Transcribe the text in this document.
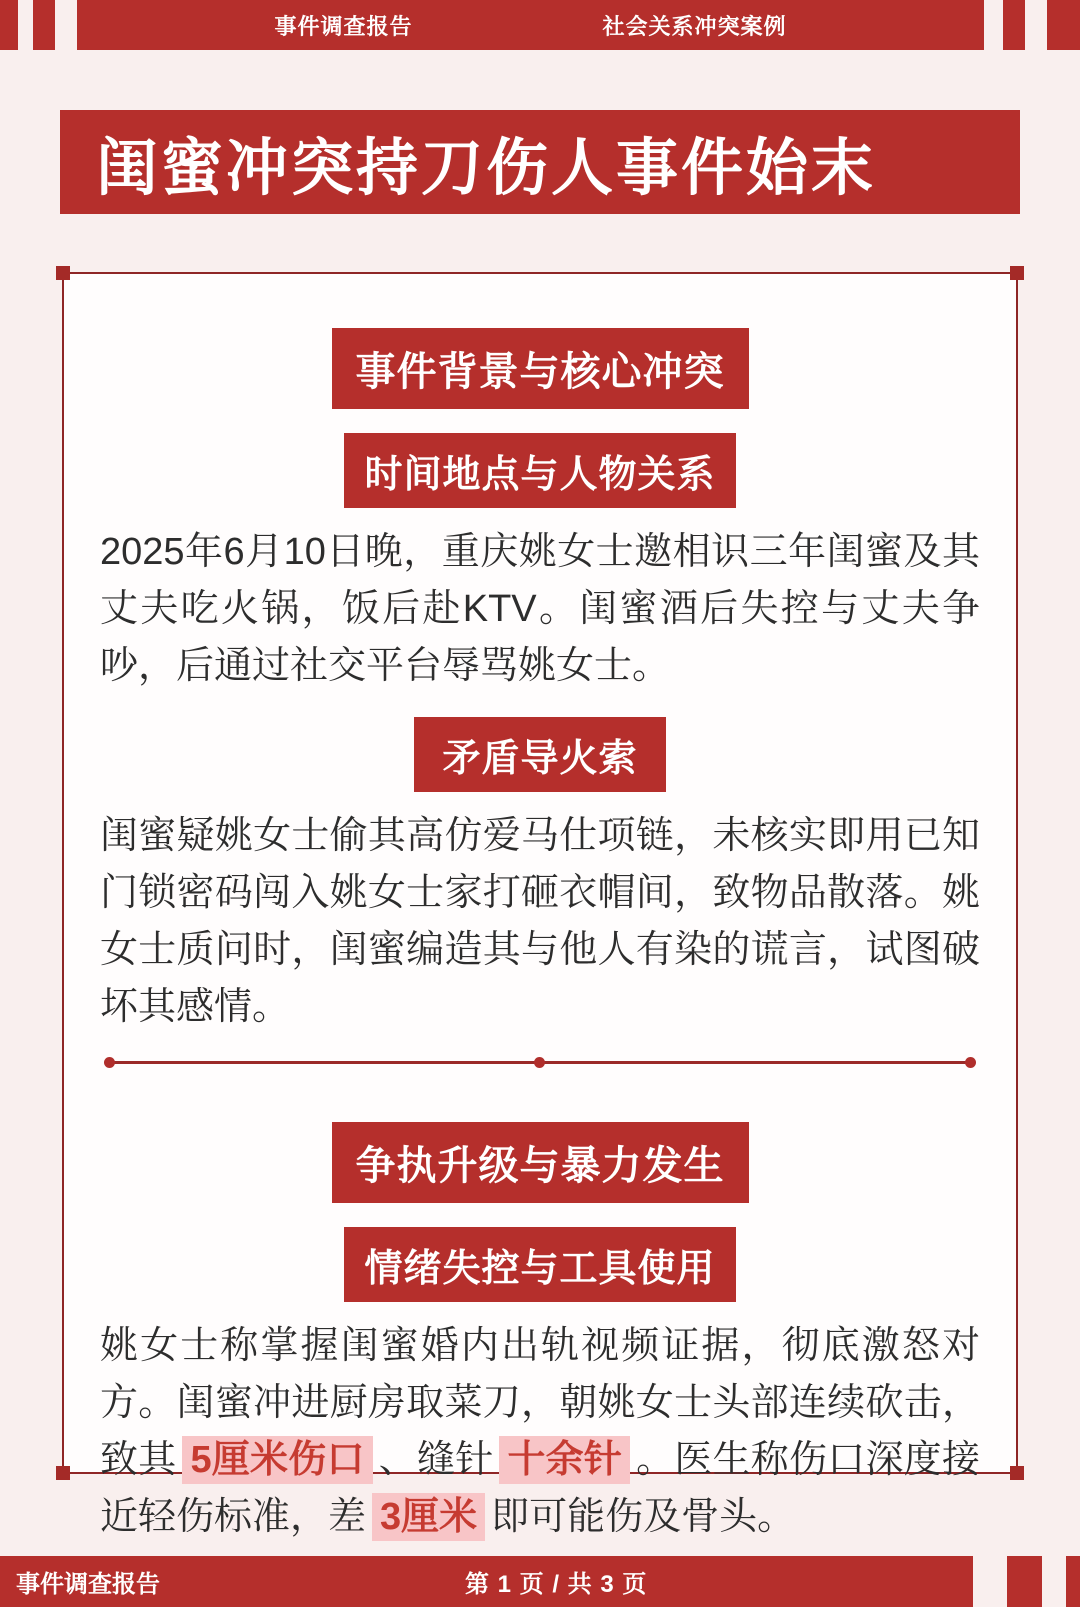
事件调查报告	社会关系冲突案例
闺蜜冲突持刀伤人事件始末
事件背景与核心冲突
时间地点与人物关系

2025年6月10日晚，重庆姚女士邀相识三年闺蜜及其丈夫吃火锅，饭后赴KTV。闺蜜酒后失控与丈夫争吵，后通过社交平台辱骂姚女士。

矛盾导火索

闺蜜疑姚女士偷其高仿爱马仕项链，未核实即用已知门锁密码闯入姚女士家打砸衣帽间，致物品散落。姚女士质问时，闺蜜编造其与他人有染的谎言，试图破坏其感情。

争执升级与暴力发生
情绪失控与工具使用

姚女士称掌握闺蜜婚内出轨视频证据，彻底激怒对方。闺蜜冲进厨房取菜刀，朝姚女士头部连续砍击，致其 5厘米伤口 、缝针 十余针 。医生称伤口深度接近轻伤标准，差 3厘米 即可能伤及骨头。

事件调查报告	第 1 页 / 共 3 页
